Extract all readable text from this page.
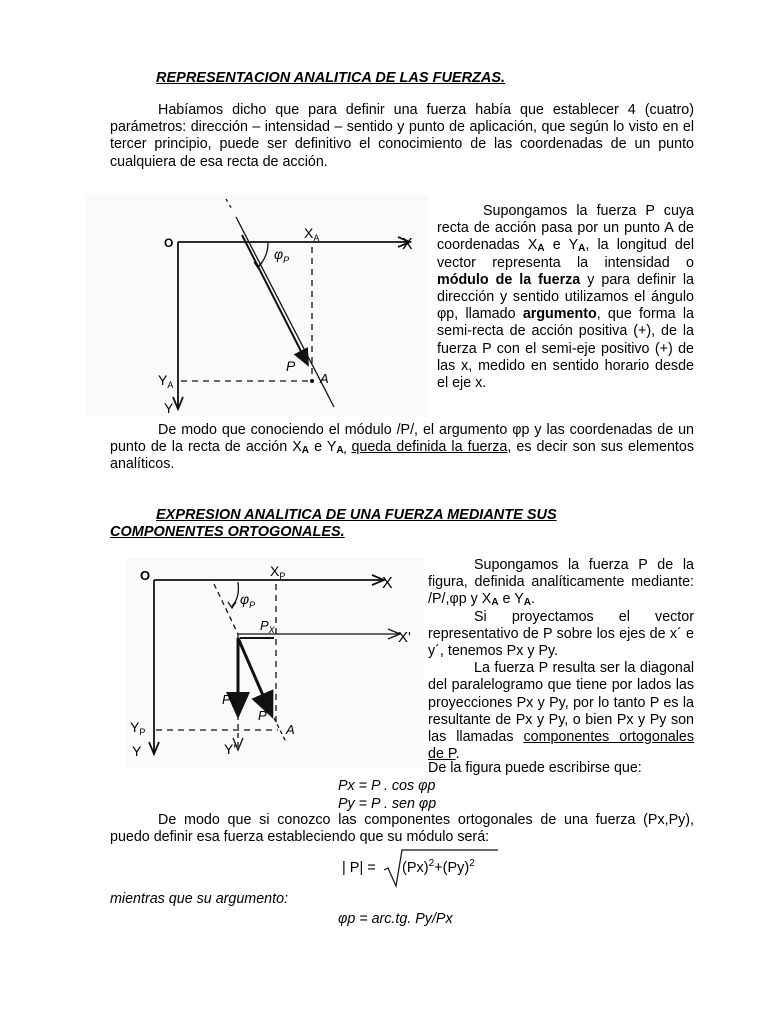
REPRESENTACION ANALITICA DE LAS FUERZAS.
Habíamos dicho que para definir una fuerza había que establecer 4 (cuatro) parámetros: dirección – intensidad – sentido y punto de aplicación, que según lo visto en el tercer principio, puede ser definitivo el conocimiento de las coordenadas de un punto cualquiera de esa recta de acción.
O	X
$X_A$
$\varphi_P$
P
A
$Y_A$
Y
Supongamos la fuerza P cuya recta de acción pasa por un punto A de coordenadas $X_A$ e $Y_A$, la longitud del vector representa la intensidad o módulo de la fuerza y para definir la dirección y sentido utilizamos el ángulo φp, llamado argumento, que forma la semi-recta de acción positiva (+), de la fuerza P con el semi-eje positivo (+) de las x, medido en sentido horario desde el eje x.
De modo que conociendo el módulo /P/, el argumento φp y las coordenadas de un punto de la recta de acción $X_A$ e $Y_{A,}$ queda definida la fuerza, es decir son sus elementos analíticos.
EXPRESION ANALITICA DE UNA FUERZA MEDIANTE SUS
COMPONENTES ORTOGONALES.
O	X
$X_P$
$\varphi_P$
$P_X$	X'
$P_Y$
P
A
$Y_P$
Y	Y'
Supongamos la fuerza P de la figura, definida analíticamente mediante: /P/,φp y $X_A$ e $Y_A$.
Si proyectamos el vector representativo de P sobre los ejes de x´ e y´, tenemos Px y Py.
La fuerza P resulta ser la diagonal del paralelogramo que tiene por lados las proyecciones Px y Py, por lo tanto P es la resultante de Px y Py, o bien Px y Py son las llamadas componentes ortogonales de P.
De la figura puede escribirse que:
Px = P . cos φp
Py = P . sen φp
De modo que si conozco las componentes ortogonales de una fuerza (Px,Py), puedo definir esa fuerza estableciendo que su módulo será:
| $P| = (Px)^2+(Py)^2$
mientras que su argumento:
φp = arc.tg. Py/Px
